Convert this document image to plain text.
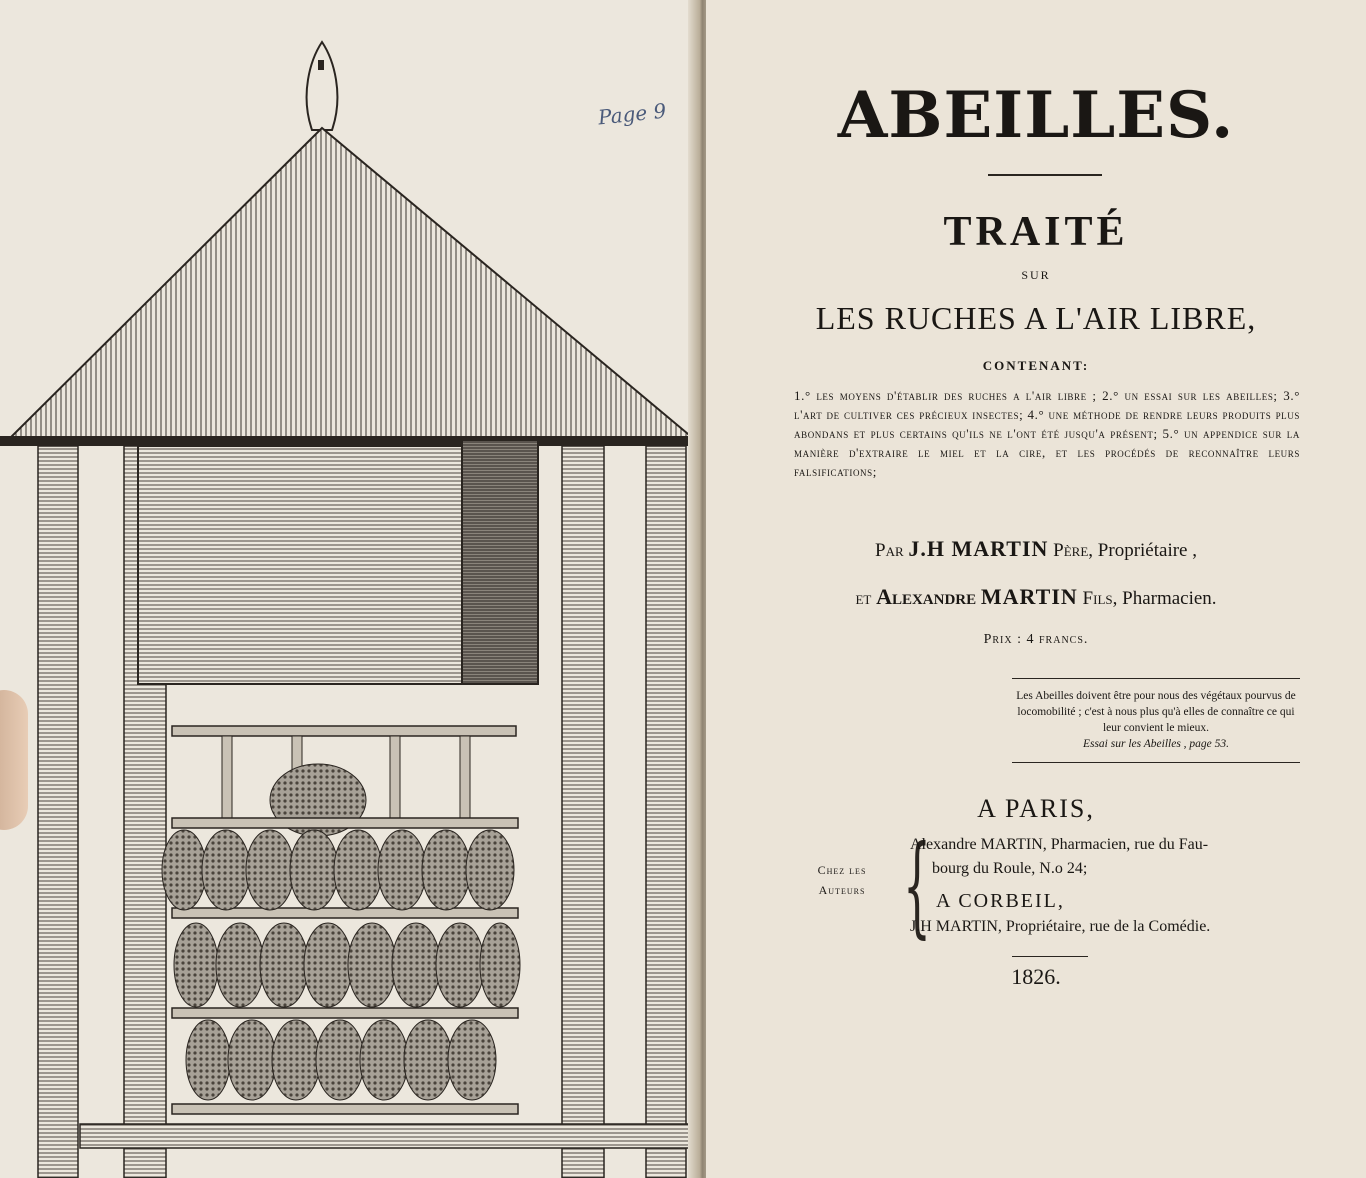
Page 9	ABEILLES.
TRAITÉ
SUR
LES RUCHES A L'AIR LIBRE,
CONTENANT:
1.° les moyens d'établir des ruches a l'air libre ; 2.° un essai sur les abeilles; 3.° l'art de cultiver ces précieux insectes; 4.° une méthode de rendre leurs produits plus abondans et plus certains qu'ils ne l'ont été jusqu'a présent; 5.° un appendice sur la manière d'extraire le miel et la cire, et les procédés de reconnaître leurs falsifications;
Par J.H MARTIN Père, Propriétaire ,
et Alexandre MARTIN Fils, Pharmacien.
Prix : 4 francs.
Les Abeilles doivent être pour nous des végétaux pourvus de locomobilité ; c'est à nous plus qu'à elles de connaître ce qui leur convient le mieux.
Essai sur les Abeilles , page 53.
A PARIS,
Chez les
Auteurs {
Alexandre MARTIN, Pharmacien, rue du Fau-
bourg du Roule, N.o 24;
A CORBEIL,
J.H MARTIN, Propriétaire, rue de la Comédie.
1826.
